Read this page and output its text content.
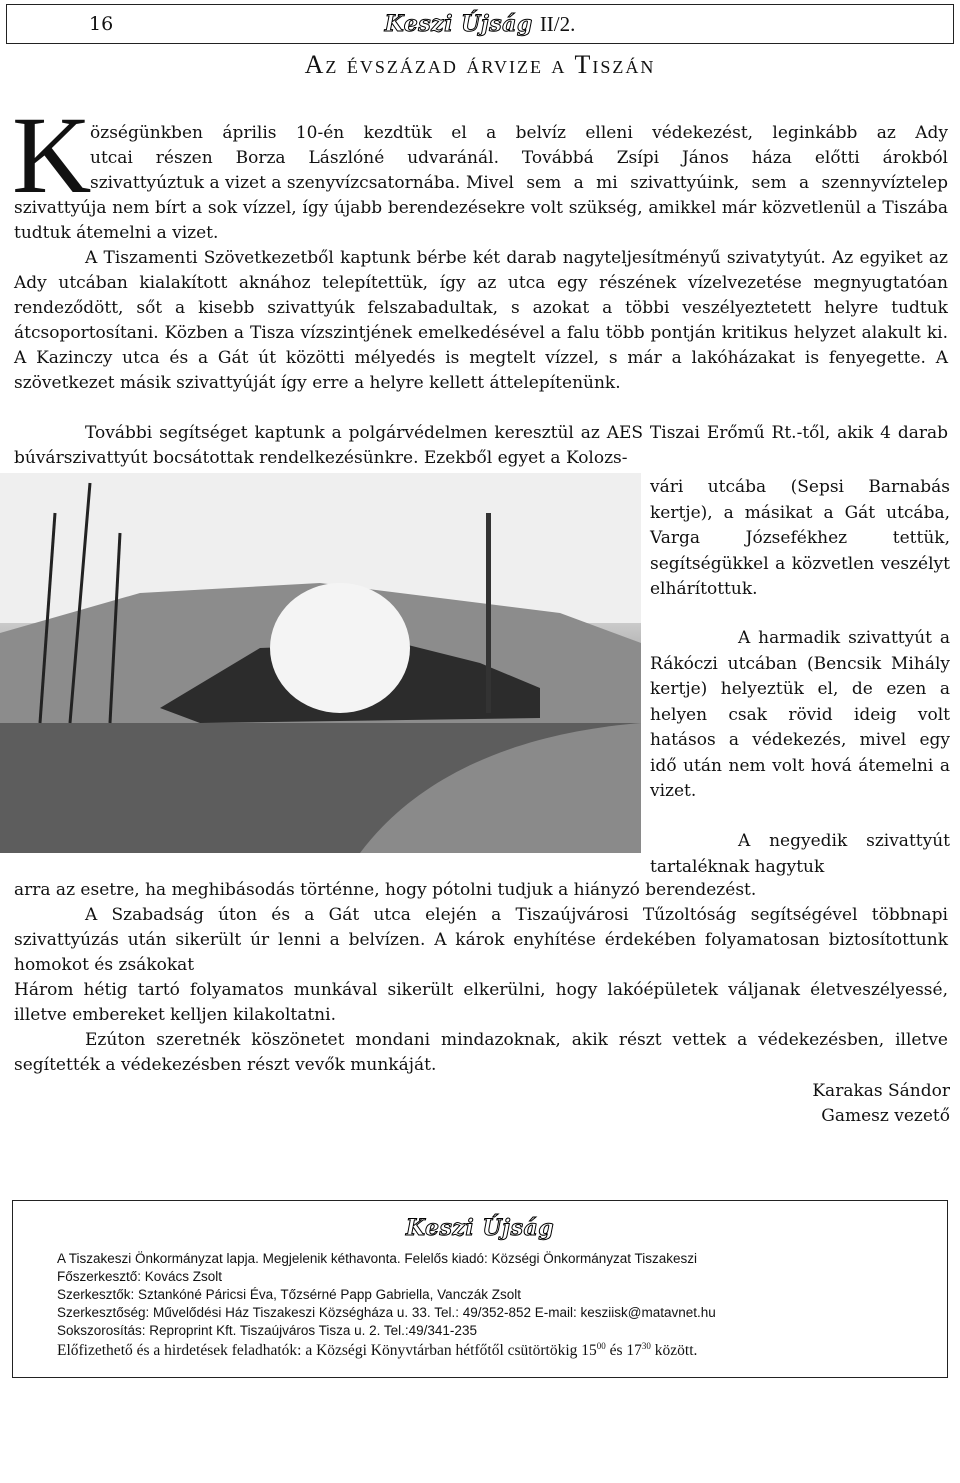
16	Keszi Újság II/2.
Az évszázad árvize a Tiszán
K
özségünkben április 10-én kezdtük el a belvíz elleni védekezést, leginkább az Ady
utcai részen Borza Lászlóné udvaránál. Továbbá Zsípi János háza előtti árokból
szivattyúztuk a vizet a szenyvízcsatornába. Mivel sem a mi szivattyúink, sem a szennyvíztelep szivattyúja nem bírt a sok vízzel, így újabb berendezésekre volt szükség, amikkel már közvetlenül a Tiszába tudtuk átemelni a vizet.
A Tiszamenti Szövetkezetből kaptunk bérbe két darab nagyteljesítményű szivatytyút. Az egyiket az Ady utcában kialakított aknához telepítettük, így az utca egy részének vízelvezetése megnyugtatóan rendeződött, sőt a kisebb szivattyúk felszabadultak, s azokat a többi veszélyeztetett helyre tudtuk átcsoportosítani. Közben a Tisza vízszintjének emelkedésével a falu több pontján kritikus helyzet alakult ki. A Kazinczy utca és a Gát út közötti mélyedés is megtelt vízzel, s már a lakóházakat is fenyegette. A szövetkezet másik szivattyúját így erre a helyre kellett áttelepítenünk.
További segítséget kaptunk a polgárvédelmen keresztül az AES Tiszai Erőmű Rt.-től, akik 4 darab búvárszivattyút bocsátottak rendelkezésünkre. Ezekből egyet a Kolozs-
vári utcába (Sepsi Barnabás kertje), a másikat a Gát utcába, Varga Józsefékhez tettük, segítségükkel a közvetlen veszélyt elhárítottuk.
A harmadik szivattyút a Rákóczi utcában (Bencsik Mihály kertje) helyeztük el, de ezen a helyen csak rövid ideig volt hatásos a védekezés, mivel egy idő után nem volt hová átemelni a vizet.
A negyedik szivattyút tartaléknak hagytuk
arra az esetre, ha meghibásodás történne, hogy pótolni tudjuk a hiányzó berendezést.
A Szabadság úton és a Gát utca elején a Tiszaújvárosi Tűzoltóság segítségével többnapi szivattyúzás után sikerült úr lenni a belvízen. A károk enyhítése érdekében folyamatosan biztosítottunk homokot és zsákokat
Három hétig tartó folyamatos munkával sikerült elkerülni, hogy lakóépületek váljanak életveszélyessé, illetve embereket kelljen kilakoltatni.
Ezúton szeretnék köszönetet mondani mindazoknak, akik részt vettek a védekezésben, illetve segítették a védekezésben részt vevők munkáját.
Karakas Sándor
Gamesz vezető
Keszi Újság
A Tiszakeszi Önkormányzat lapja. Megjelenik kéthavonta. Felelős kiadó: Községi Önkormányzat Tiszakeszi
Főszerkesztő: Kovács Zsolt
Szerkesztők: Sztankóné Páricsi Éva, Tőzsérné Papp Gabriella, Vanczák Zsolt
Szerkesztőség: Művelődési Ház Tiszakeszi Községháza u. 33. Tel.: 49/352-852 E-mail: kesziisk@matavnet.hu
Sokszorosítás: Reproprint Kft. Tiszaújváros Tisza u. 2. Tel.:49/341-235
Előfizethető és a hirdetések feladhatók: a Községi Könyvtárban hétfőtől csütörtökig $15^{00}$ és $17^{30}$ között.
